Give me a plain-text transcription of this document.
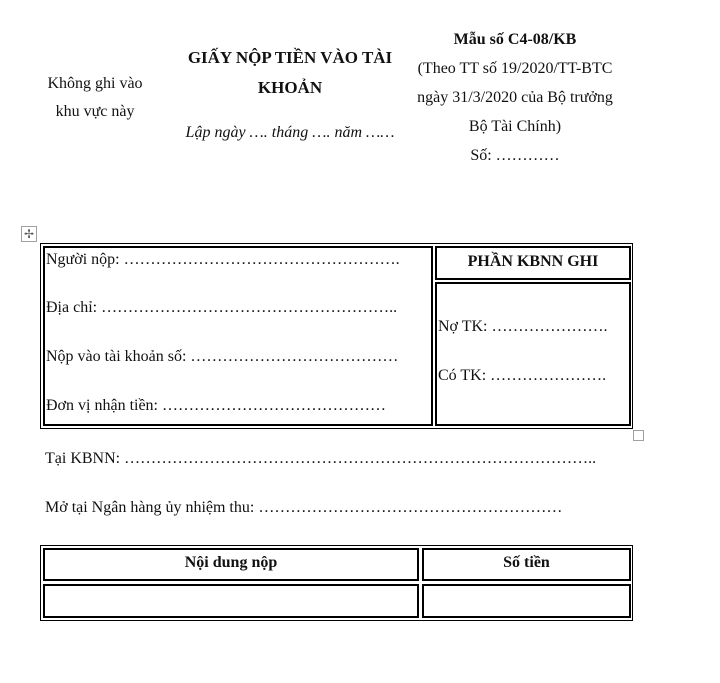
Không ghi vào
khu vực này
GIẤY NỘP TIỀN VÀO TÀI
KHOẢN
Lập ngày …. tháng …. năm ……
Mẫu số C4-08/KB
(Theo TT số 19/2020/TT-BTC
ngày 31/3/2020 của Bộ trưởng
Bộ Tài Chính)
Số: …………
✢
Người nộp: …………………………………………….
Địa chỉ: ………………………………………………..
Nộp vào tài khoản số: …………………………………
Đơn vị nhận tiền: ……………………………………
PHẦN KBNN GHI
Nợ TK: ………………….
Có TK: ………………….
Tại KBNN: ……………………………………………………………………………..
Mở tại Ngân hàng ủy nhiệm thu: …………………………………………………
Nội dung nộp	Số tiền
